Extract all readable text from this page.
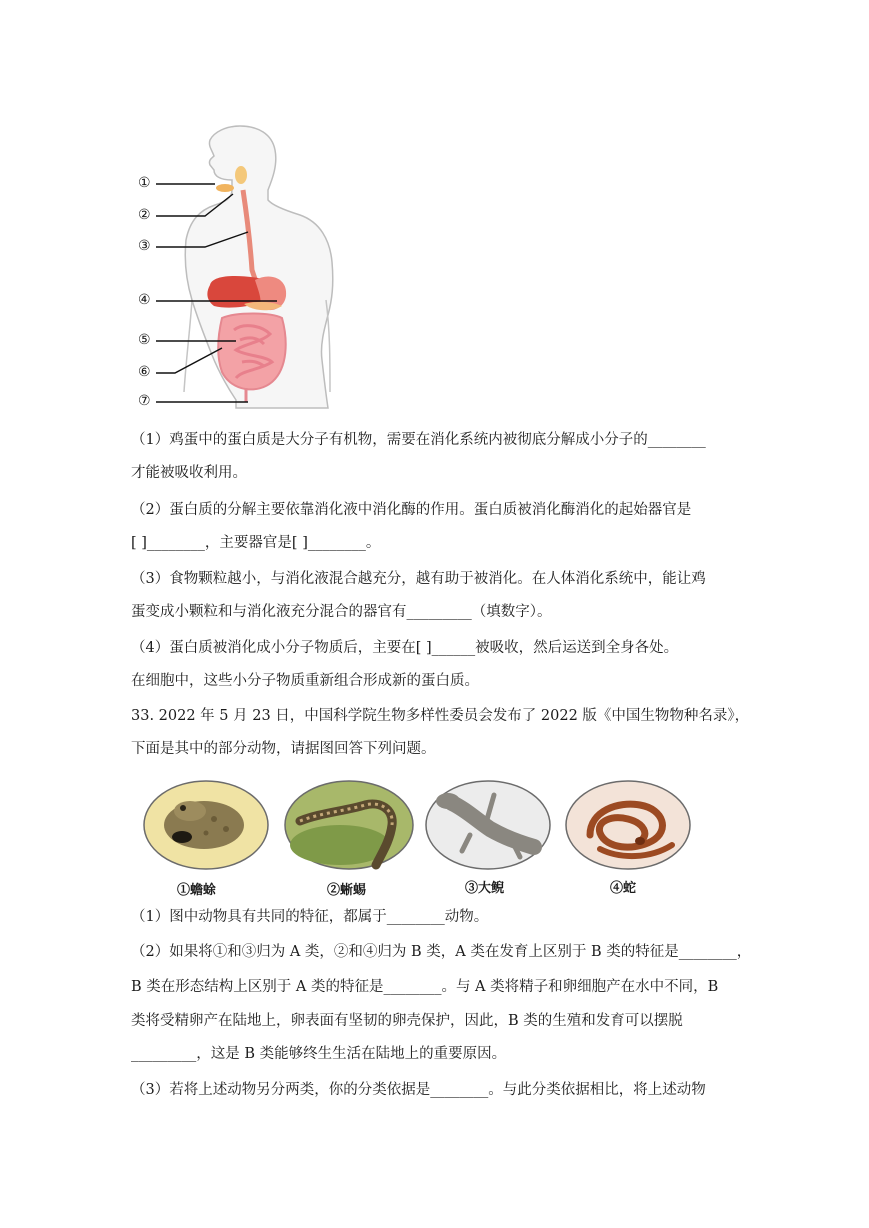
①
②
③
④
⑤
⑥
⑦
（1）鸡蛋中的蛋白质是大分子有机物，需要在消化系统内被彻底分解成小分子的________
才能被吸收利用。
（2）蛋白质的分解主要依靠消化液中消化酶的作用。蛋白质被消化酶消化的起始器官是
[ ]________，主要器官是[ ]________。
（3）食物颗粒越小，与消化液混合越充分，越有助于被消化。在人体消化系统中，能让鸡
蛋变成小颗粒和与消化液充分混合的器官有_________（填数字）。
（4）蛋白质被消化成小分子物质后，主要在[ ]______被吸收，然后运送到全身各处。
在细胞中，这些小分子物质重新组合形成新的蛋白质。
33. 2022 年 5 月 23 日，中国科学院生物多样性委员会发布了 2022 版《中国生物物种名录》，
下面是其中的部分动物，请据图回答下列问题。
①蟾蜍	②蜥蜴	③大鲵	④蛇
（1）图中动物具有共同的特征，都属于________动物。
（2）如果将①和③归为 A 类，②和④归为 B 类，A 类在发育上区别于 B 类的特征是________，
B 类在形态结构上区别于 A 类的特征是________。与 A 类将精子和卵细胞产在水中不同，B
类将受精卵产在陆地上，卵表面有坚韧的卵壳保护，因此，B 类的生殖和发育可以摆脱
_________，这是 B 类能够终生生活在陆地上的重要原因。
（3）若将上述动物另分两类，你的分类依据是________。与此分类依据相比，将上述动物
